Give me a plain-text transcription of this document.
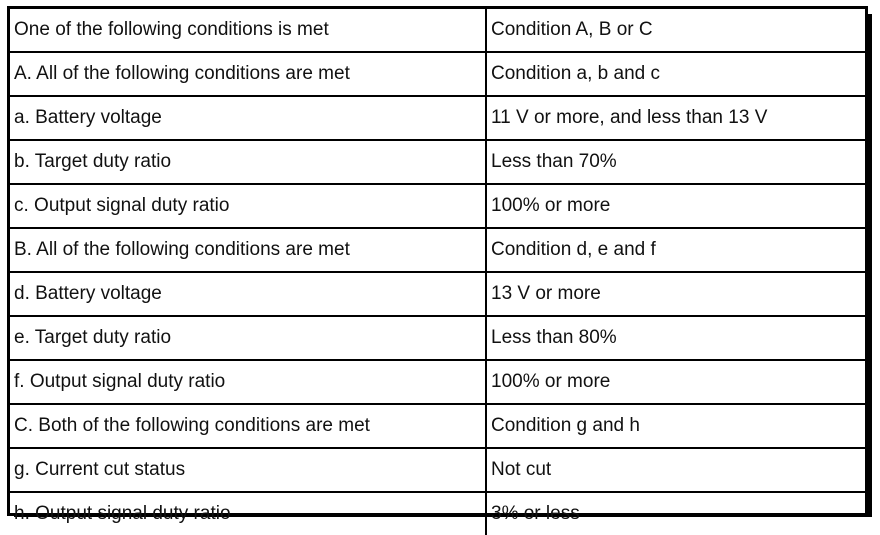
One of the following conditions is met	Condition A, B or C
A. All of the following conditions are met	Condition a, b and c
a. Battery voltage	11 V or more, and less than 13 V
b. Target duty ratio	Less than 70%
c. Output signal duty ratio	100% or more
B. All of the following conditions are met	Condition d, e and f
d. Battery voltage	13 V or more
e. Target duty ratio	Less than 80%
f. Output signal duty ratio	100% or more
C. Both of the following conditions are met	Condition g and h
g. Current cut status	Not cut
h. Output signal duty ratio	3% or less
